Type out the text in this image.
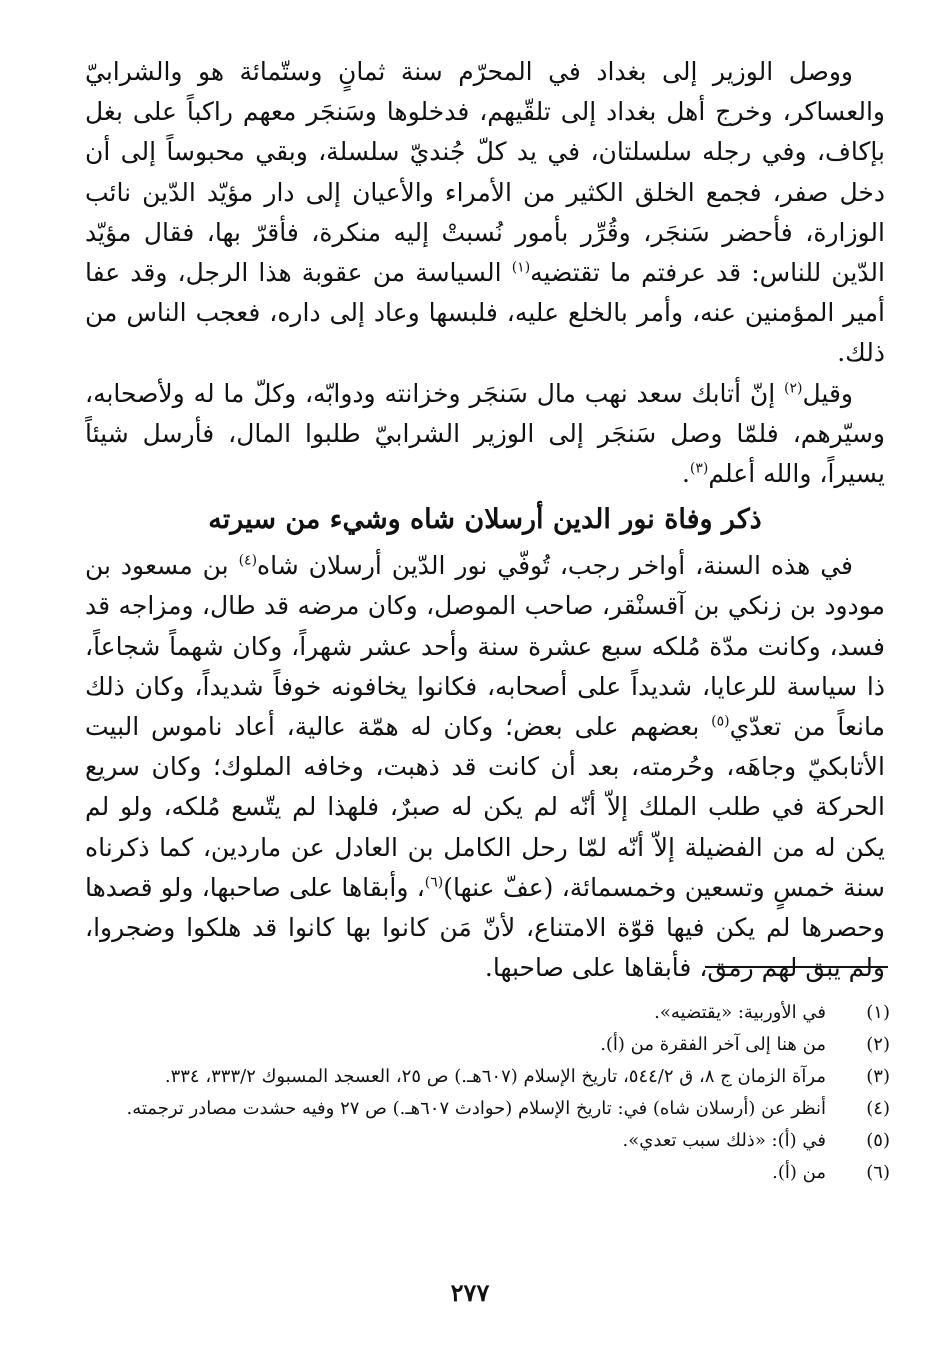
ووصل الوزير إلى بغداد في المحرّم سنة ثمانٍ وستّمائة هو والشرابيّ والعساكر، وخرج أهل بغداد إلى تلقّيهم، فدخلوها وسَنجَر معهم راكباً على بغل بإكاف، وفي رجله سلسلتان، في يد كلّ جُنديّ سلسلة، وبقي محبوساً إلى أن دخل صفر، فجمع الخلق الكثير من الأمراء والأعيان إلى دار مؤيّد الدّين نائب الوزارة، فأحضر سَنجَر، وقُرِّر بأمور نُسبتْ إليه منكرة، فأقرّ بها، فقال مؤيّد الدّين للناس: قد عرفتم ما تقتضيه$^{(١)}$ السياسة من عقوبة هذا الرجل، وقد عفا أمير المؤمنين عنه، وأمر بالخلع عليه، فلبسها وعاد إلى داره، فعجب الناس من ذلك.

وقيل$^{(٢)}$ إنّ أتابك سعد نهب مال سَنجَر وخزانته ودوابّه، وكلّ ما له ولأصحابه، وسيّرهم، فلمّا وصل سَنجَر إلى الوزير الشرابيّ طلبوا المال، فأرسل شيئاً يسيراً، والله أعلم$^{(٣)}$.

ذكر وفاة نور الدين أرسلان شاه وشيء من سيرته

في هذه السنة، أواخر رجب، تُوفّي نور الدّين أرسلان شاه$^{(٤)}$ بن مسعود بن مودود بن زنكي بن آقسنْقر، صاحب الموصل، وكان مرضه قد طال، ومزاجه قد فسد، وكانت مدّة مُلكه سبع عشرة سنة وأحد عشر شهراً، وكان شهماً شجاعاً، ذا سياسة للرعايا، شديداً على أصحابه، فكانوا يخافونه خوفاً شديداً، وكان ذلك مانعاً من تعدّي$^{(٥)}$ بعضهم على بعض؛ وكان له همّة عالية، أعاد ناموس البيت الأتابكيّ وجاهَه، وحُرمته، بعد أن كانت قد ذهبت، وخافه الملوك؛ وكان سريع الحركة في طلب الملك إلاّ أنّه لم يكن له صبرٌ، فلهذا لم يتّسع مُلكه، ولو لم يكن له من الفضيلة إلاّ أنّه لمّا رحل الكامل بن العادل عن ماردين، كما ذكرناه سنة خمسٍ وتسعين وخمسمائة، (عفّ عنها)$^{(٦)}$، وأبقاها على صاحبها، ولو قصدها وحصرها لم يكن فيها قوّة الامتناع، لأنّ مَن كانوا بها كانوا قد هلكوا وضجروا، ولم يبق لهم رمق، فأبقاها على صاحبها.

(١)
في الأوربية: «يقتضيه».
(٢)
من هنا إلى آخر الفقرة من (أ).
(٣)
مرآة الزمان ج ٨، ق ٥٤٤/٢، تاريخ الإسلام (٦٠٧هـ.) ص ٢٥، العسجد المسبوك ٣٣٣/٢، ٣٣٤.
(٤)
أنظر عن (أرسلان شاه) في: تاريخ الإسلام (حوادث ٦٠٧هـ.) ص ٢٧ وفيه حشدت مصادر ترجمته.
(٥)
في (أ): «ذلك سبب تعدي».
(٦)
من (أ).
٢٧٧
